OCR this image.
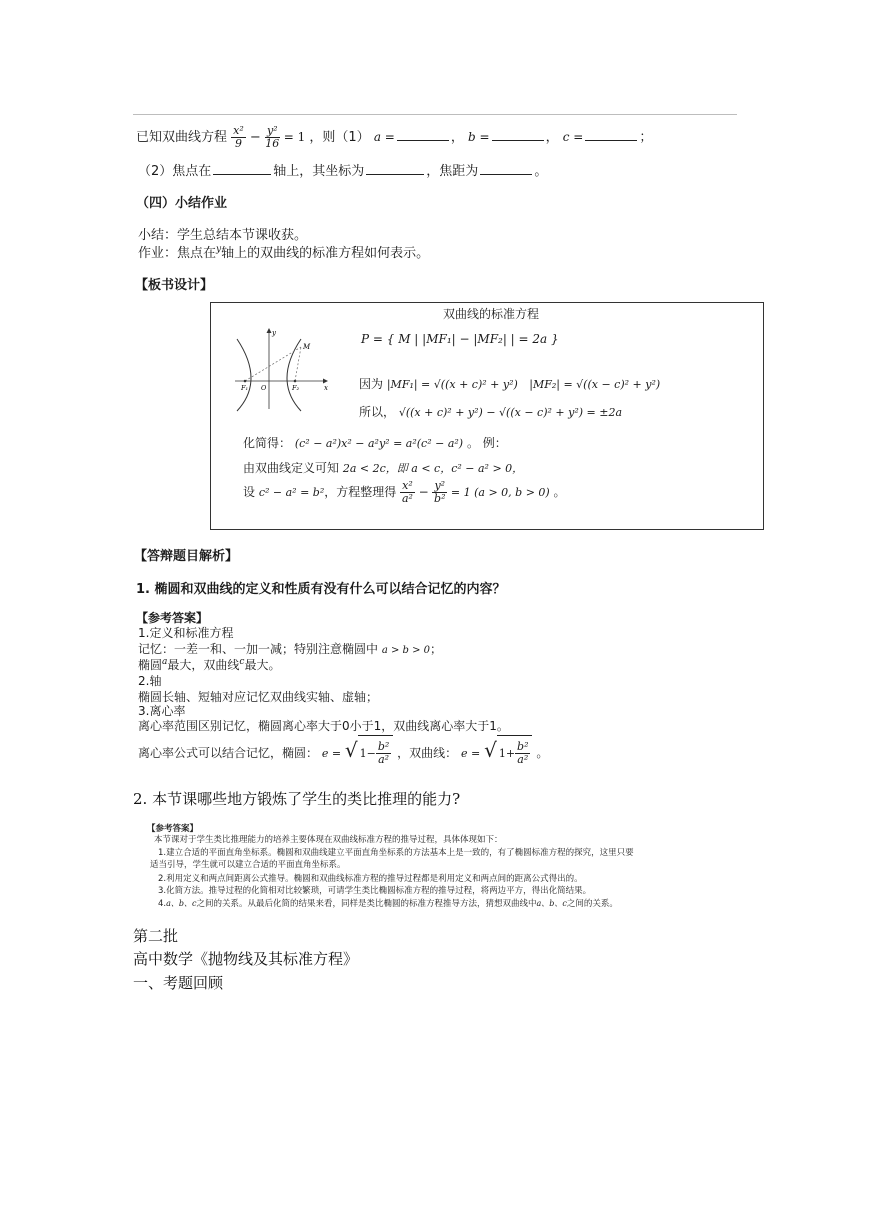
已知双曲线方程 $\frac{\text{x²}}{9} - \frac{\text{y²}}{16} = 1$ ，则（1） a =	， b =	， c =	；
（2）焦点在	轴上，其坐标为	，焦距为	。
（四）小结作业
小结：学生总结本节课收获。
作业：焦点在$^y$轴上的双曲线的标准方程如何表示。
【板书设计】
双曲线的标准方程
y
M
F₁ O	F₂	x
P = { M | |MF₁| − |MF₂| | = 2a }
因为 |MF₁| = √((x + c)² + y²) |MF₂| = √((x − c)² + y²)
所以， √((x + c)² + y²) − √((x − c)² + y²) = ±2a
化简得： (c² − a²)x² − a²y² = a²(c² − a²) 。 例：
由双曲线定义可知 2a < 2c，即 a < c，c² − a² > 0，
设 c² − a² = b²，方程整理得 $\frac{\text{x²}}{\text{a²}} - \frac{\text{y²}}{\text{b²}} = 1$ (a > 0, b > 0) 。
【答辩题目解析】
1. 椭圆和双曲线的定义和性质有没有什么可以结合记忆的内容？
【参考答案】
1.定义和标准方程
记忆：一差一和、一加一减；特别注意椭圆中 a > b > 0；
椭圆$^a$最大，双曲线$^c$最大。
2.轴
椭圆长轴、短轴对应记忆双曲线实轴、虚轴；
3.离心率
离心率范围区别记忆，椭圆离心率大于0小于1，双曲线离心率大于1。
离心率公式可以结合记忆，椭圆： e = √ $1- \frac{\text{b²}}{\text{a²}}$ ，双曲线： e = √ $1+ \frac{\text{b²}}{\text{a²}}$ 。
2. 本节课哪些地方锻炼了学生的类比推理的能力?
【参考答案】
本节课对于学生类比推理能力的培养主要体现在双曲线标准方程的推导过程，具体体现如下：
1.建立合适的平面直角坐标系。椭圆和双曲线建立平面直角坐标系的方法基本上是一致的，有了椭圆标准方程的探究，这里只要
适当引导，学生就可以建立合适的平面直角坐标系。
2.利用定义和两点间距离公式推导。椭圆和双曲线标准方程的推导过程都是利用定义和两点间的距离公式得出的。
3.化简方法。推导过程的化简相对比较繁琐，可请学生类比椭圆标准方程的推导过程，将两边平方，得出化简结果。
4.a、b、c之间的关系。从最后化简的结果来看，同样是类比椭圆的标准方程推导方法，猜想双曲线中a、b、c之间的关系。
第二批
高中数学《抛物线及其标准方程》
一、考题回顾
